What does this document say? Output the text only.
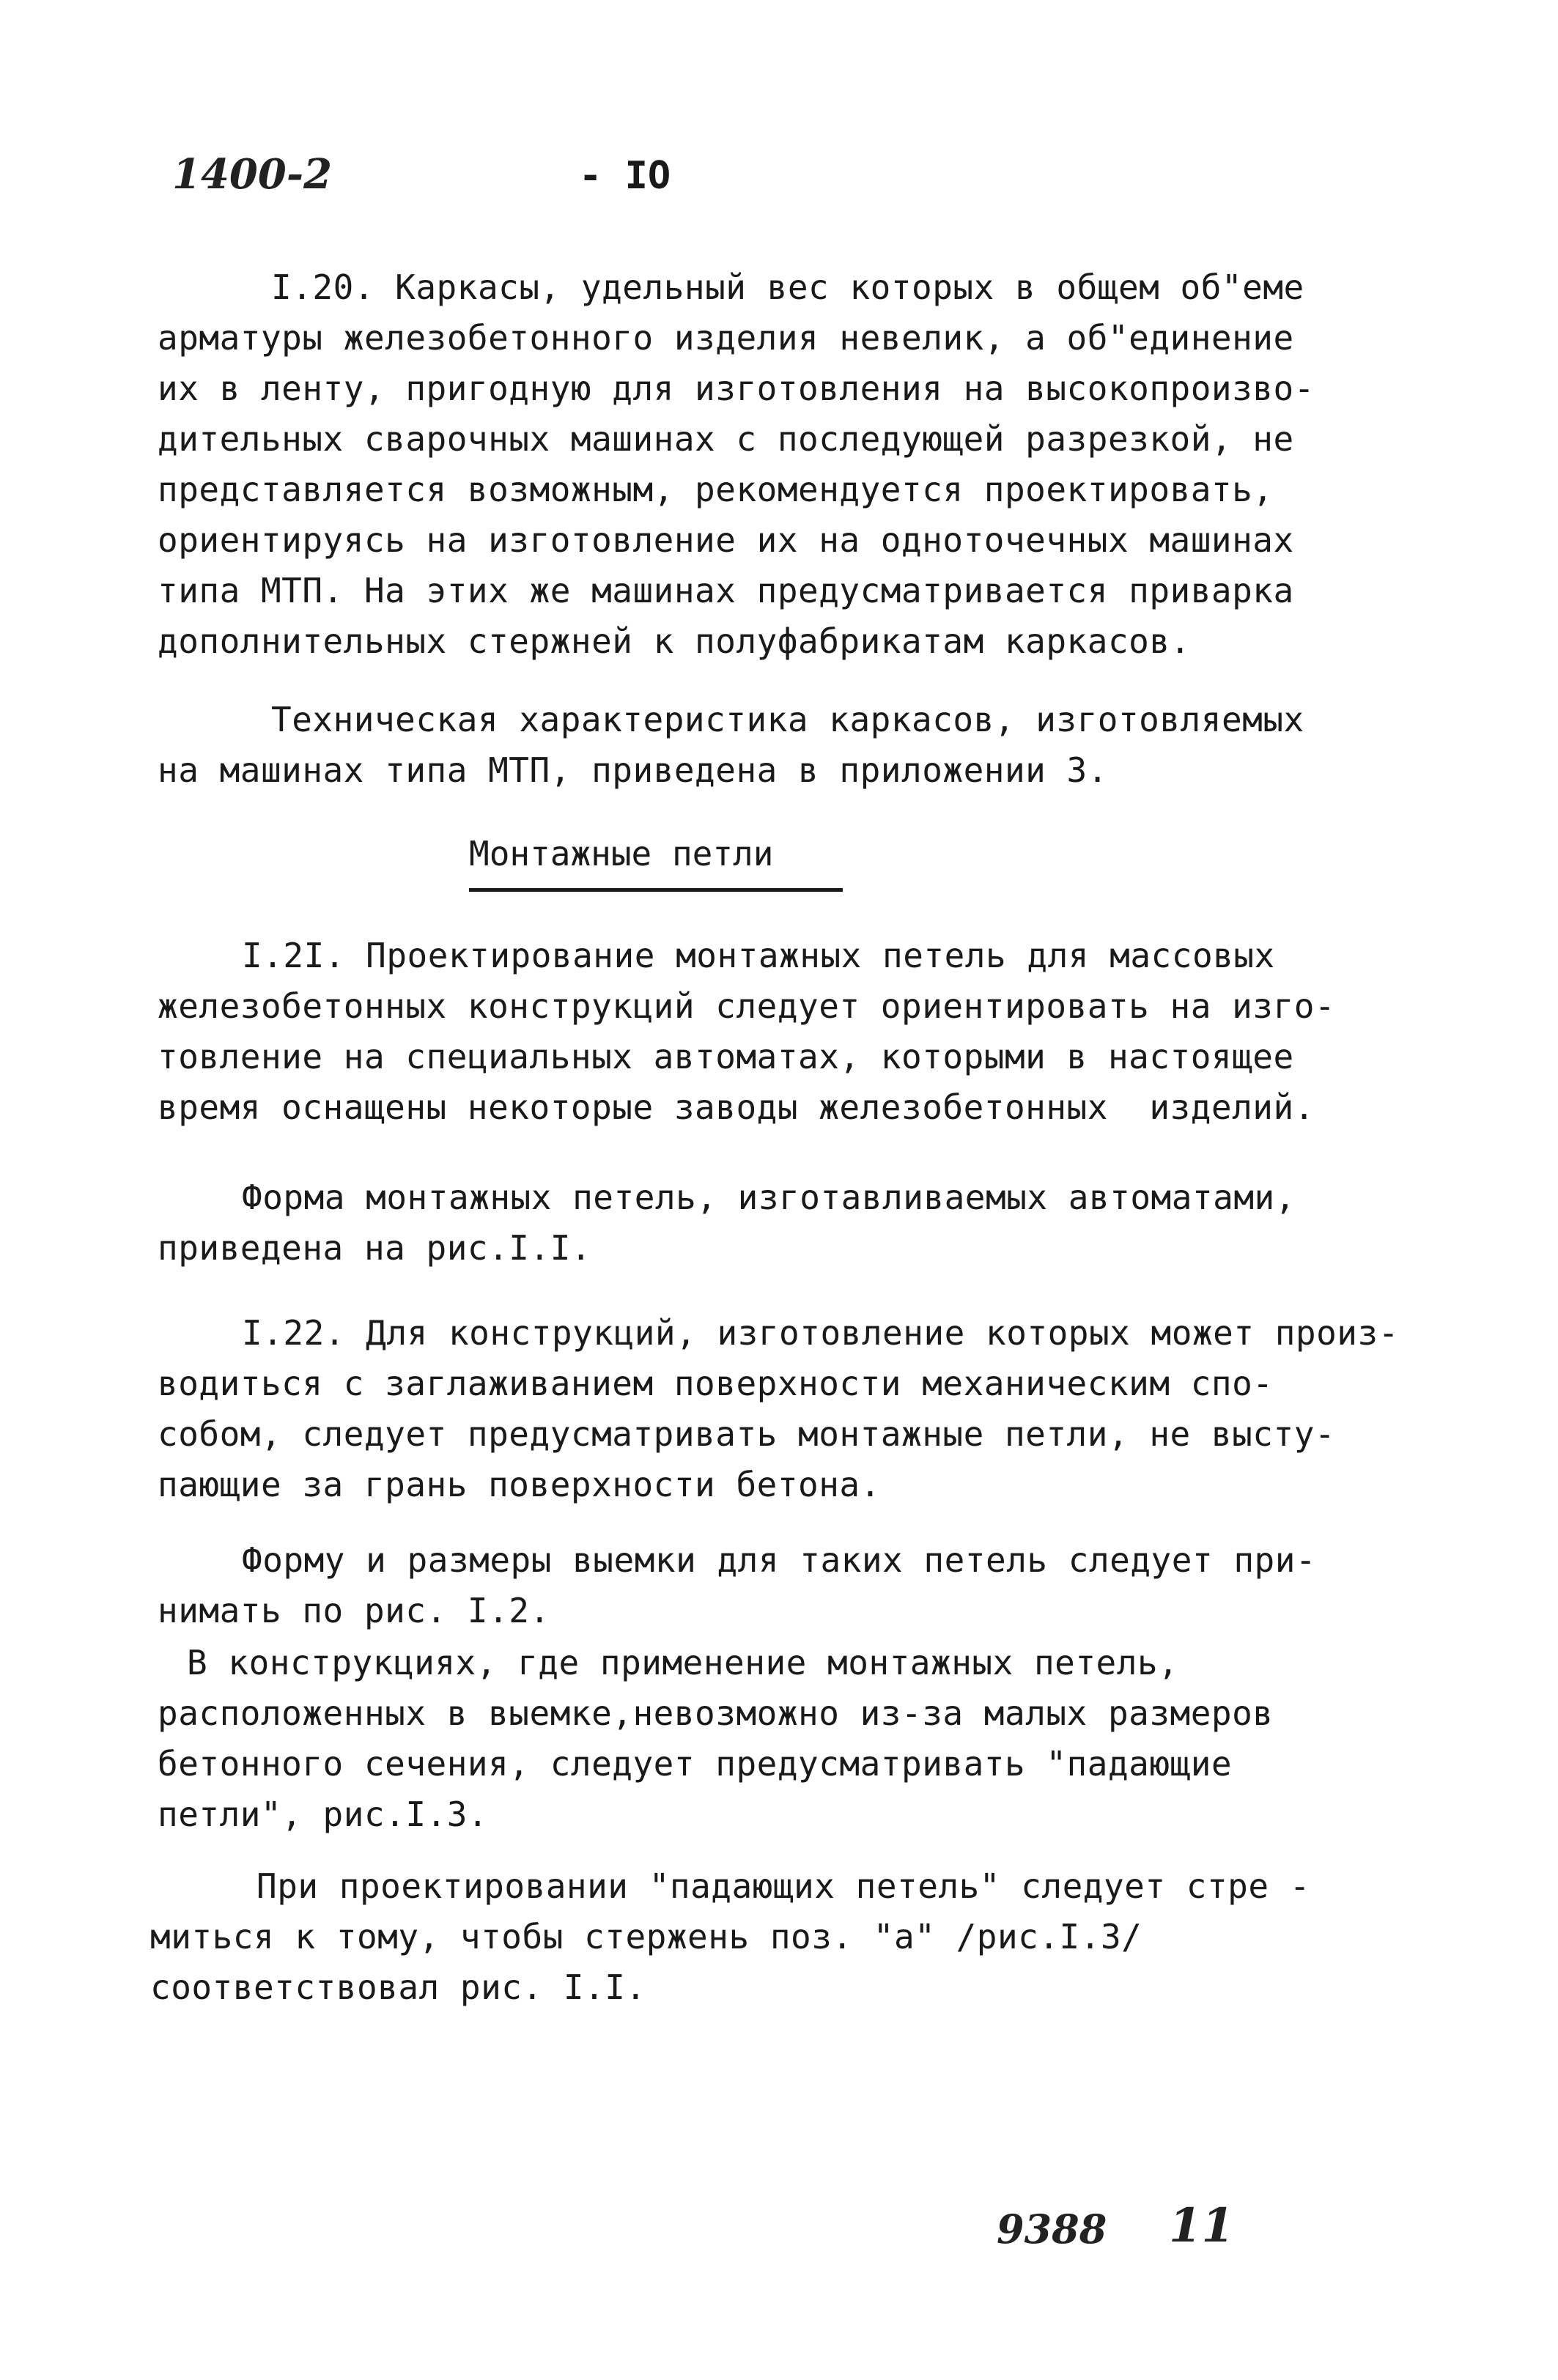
1400-2	- IO
I.20. Каркасы, удельный вес которых в общем об"еме
арматуры железобетонного изделия невелик, а об"единение
их в ленту, пригодную для изготовления на высокопроизво-
дительных сварочных машинах с последующей разрезкой, не
представляется возможным, рекомендуется проектировать,
ориентируясь на изготовление их на одноточечных машинах
типа МТП. На этих же машинах предусматривается приварка
дополнительных стержней к полуфабрикатам каркасов.
Техническая характеристика каркасов, изготовляемых
на машинах типа МТП, приведена в приложении 3.
Монтажные петли
I.2I. Проектирование монтажных петель для массовых
железобетонных конструкций следует ориентировать на изго-
товление на специальных автоматах, которыми в настоящее
время оснащены некоторые заводы железобетонных  изделий.
Форма монтажных петель, изготавливаемых автоматами,
приведена на рис.I.I.
I.22. Для конструкций, изготовление которых может произ-
водиться с заглаживанием поверхности механическим спо-
собом, следует предусматривать монтажные петли, не высту-
пающие за грань поверхности бетона.
Форму и размеры выемки для таких петель следует при-
нимать по рис. I.2.
В конструкциях, где применение монтажных петель,
расположенных в выемке,невозможно из-за малых размеров
бетонного сечения, следует предусматривать "падающие
петли", рис.I.3.
При проектировании "падающих петель" следует стре -
миться к тому, чтобы стержень поз. "а" /рис.I.3/
соответствовал рис. I.I.
9388 11
